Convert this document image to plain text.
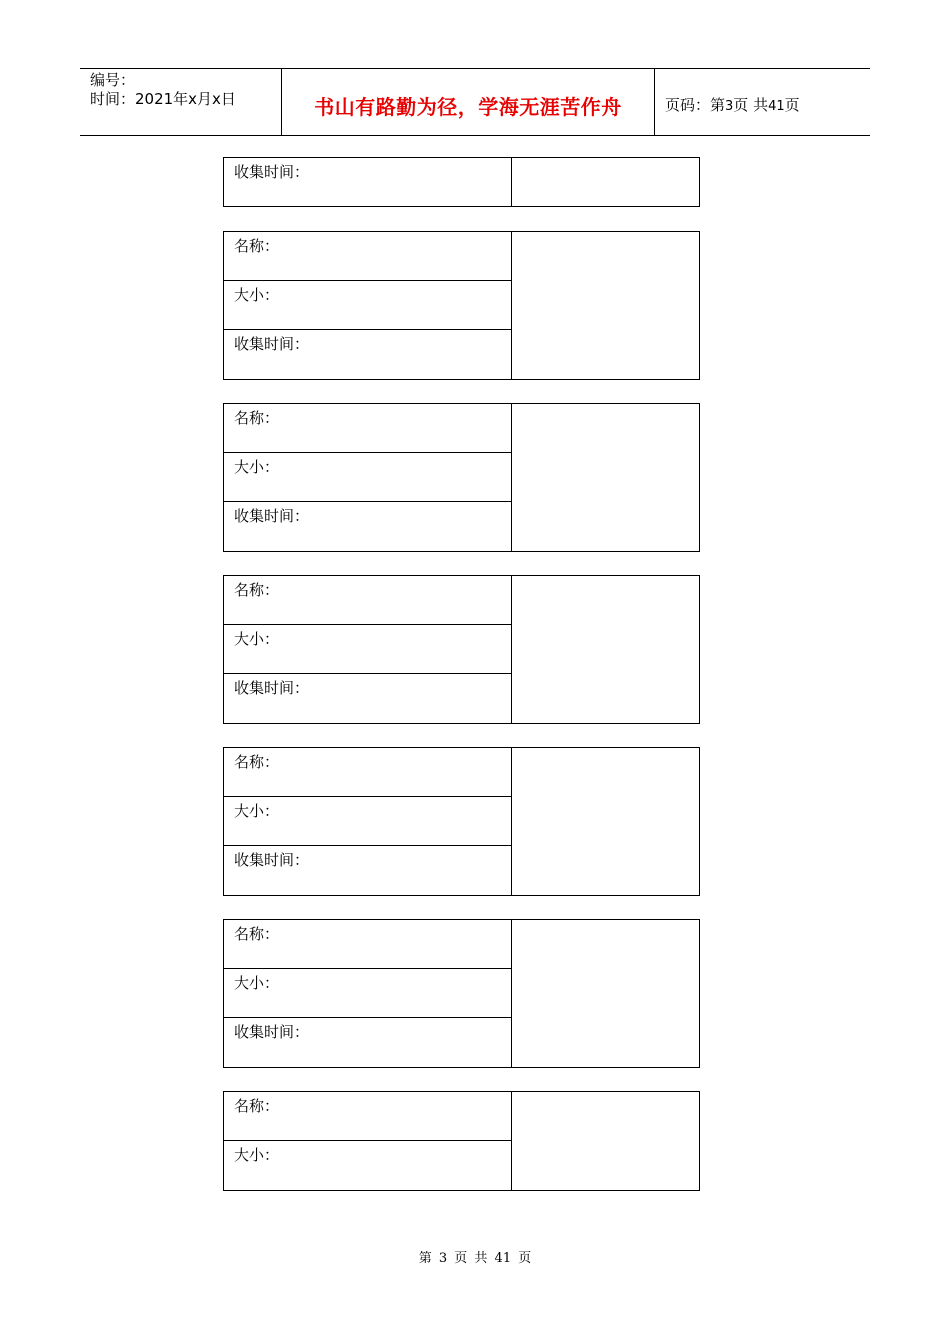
编号：
时间：2021年x月x日	书山有路勤为径，学海无涯苦作舟	页码：第3页 共41页
收集时间：
名称：
大小：
收集时间：
名称：
大小：
收集时间：
名称：
大小：
收集时间：
名称：
大小：
收集时间：
名称：
大小：
收集时间：
名称：
大小：
第 3 页 共 41 页
